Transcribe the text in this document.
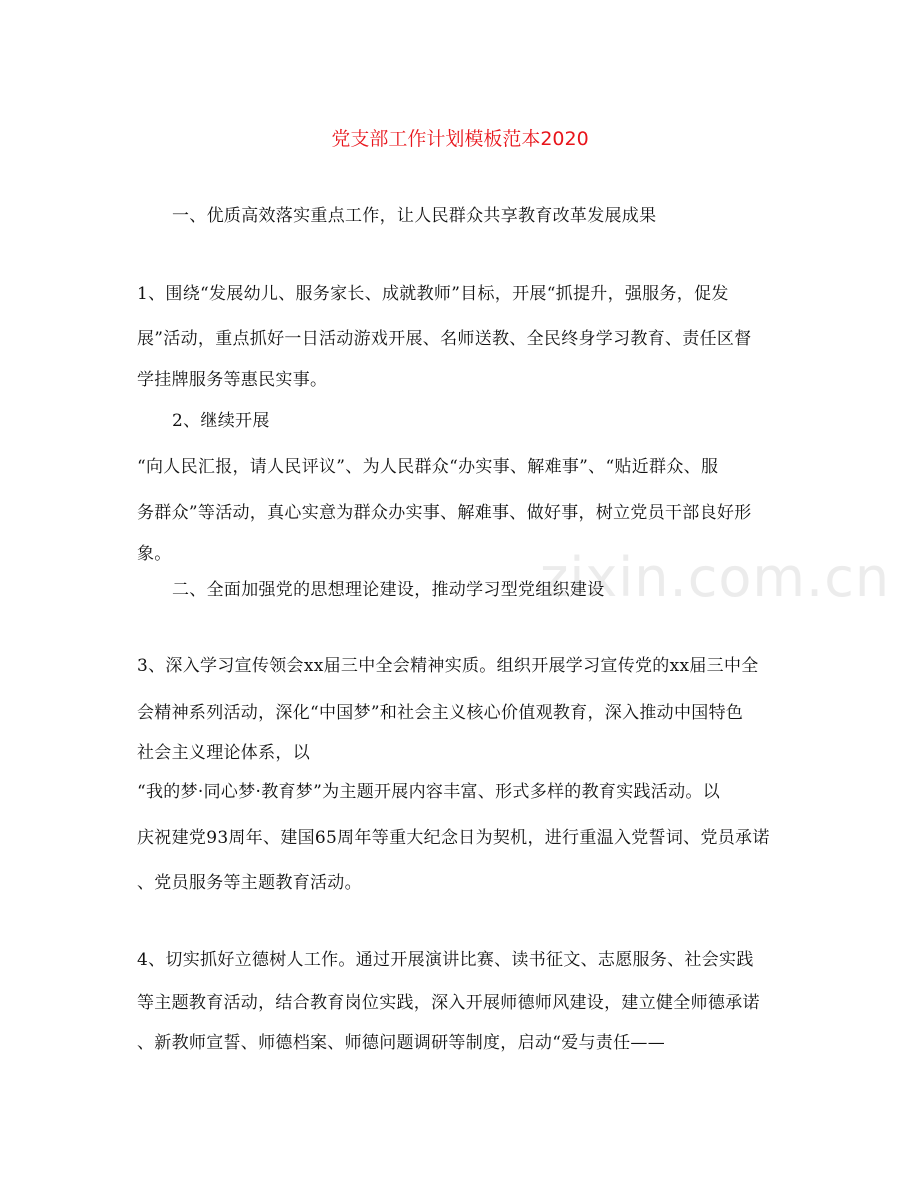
zixin.com.cn
党支部工作计划模板范本2020
一、优质高效落实重点工作，让人民群众共享教育改革发展成果
1、围绕“发展幼儿、服务家长、成就教师”目标，开展“抓提升，强服务，促发
展”活动，重点抓好一日活动游戏开展、名师送教、全民终身学习教育、责任区督
学挂牌服务等惠民实事。
2、继续开展
“向人民汇报，请人民评议”、为人民群众“办实事、解难事”、“贴近群众、服
务群众”等活动，真心实意为群众办实事、解难事、做好事，树立党员干部良好形
象。
二、全面加强党的思想理论建设，推动学习型党组织建设
3、深入学习宣传领会xx届三中全会精神实质。组织开展学习宣传党的xx届三中全
会精神系列活动，深化“中国梦”和社会主义核心价值观教育，深入推动中国特色
社会主义理论体系，以
“我的梦·同心梦·教育梦”为主题开展内容丰富、形式多样的教育实践活动。以
庆祝建党93周年、建国65周年等重大纪念日为契机，进行重温入党誓词、党员承诺
、党员服务等主题教育活动。
4、切实抓好立德树人工作。通过开展演讲比赛、读书征文、志愿服务、社会实践
等主题教育活动，结合教育岗位实践，深入开展师德师风建设，建立健全师德承诺
、新教师宣誓、师德档案、师德问题调研等制度，启动“爱与责任——
